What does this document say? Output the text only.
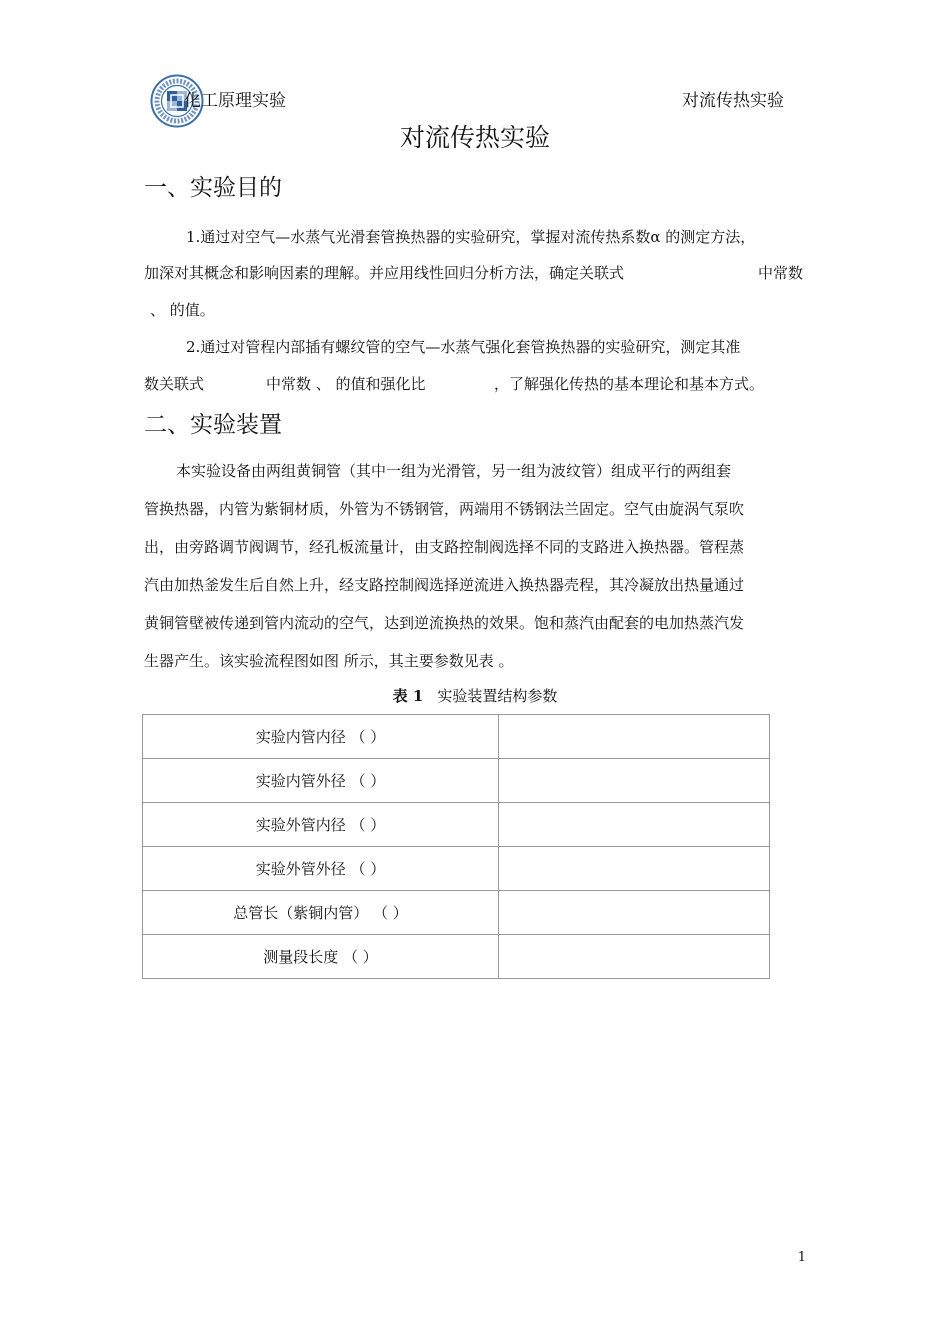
化工原理实验	对流传热实验
对流传热实验
一、实验目的
1.通过对空气—水蒸气光滑套管换热器的实验研究，掌握对流传热系数α 的测定方法，
加深对其概念和影响因素的理解。并应用线性回归分析方法，确定关联式	中常数
、 的值。
2.通过对管程内部插有螺纹管的空气—水蒸气强化套管换热器的实验研究，测定其准
数关联式	中常数 、 的值和强化比	，了解强化传热的基本理论和基本方式。
二、实验装置
本实验设备由两组黄铜管（其中一组为光滑管，另一组为波纹管）组成平行的两组套
管换热器，内管为紫铜材质，外管为不锈钢管，两端用不锈钢法兰固定。空气由旋涡气泵吹
出，由旁路调节阀调节，经孔板流量计，由支路控制阀选择不同的支路进入换热器。管程蒸
汽由加热釜发生后自然上升，经支路控制阀选择逆流进入换热器壳程，其冷凝放出热量通过
黄铜管壁被传递到管内流动的空气，达到逆流换热的效果。饱和蒸汽由配套的电加热蒸汽发
生器产生。该实验流程图如图 所示，其主要参数见表 。
表 1 实验装置结构参数
实验内管内径 （ ）	
实验内管外径 （ ）	
实验外管内径 （ ）	
实验外管外径 （ ）	
总管长（紫铜内管） （ ）	
测量段长度 （ ）	
1
